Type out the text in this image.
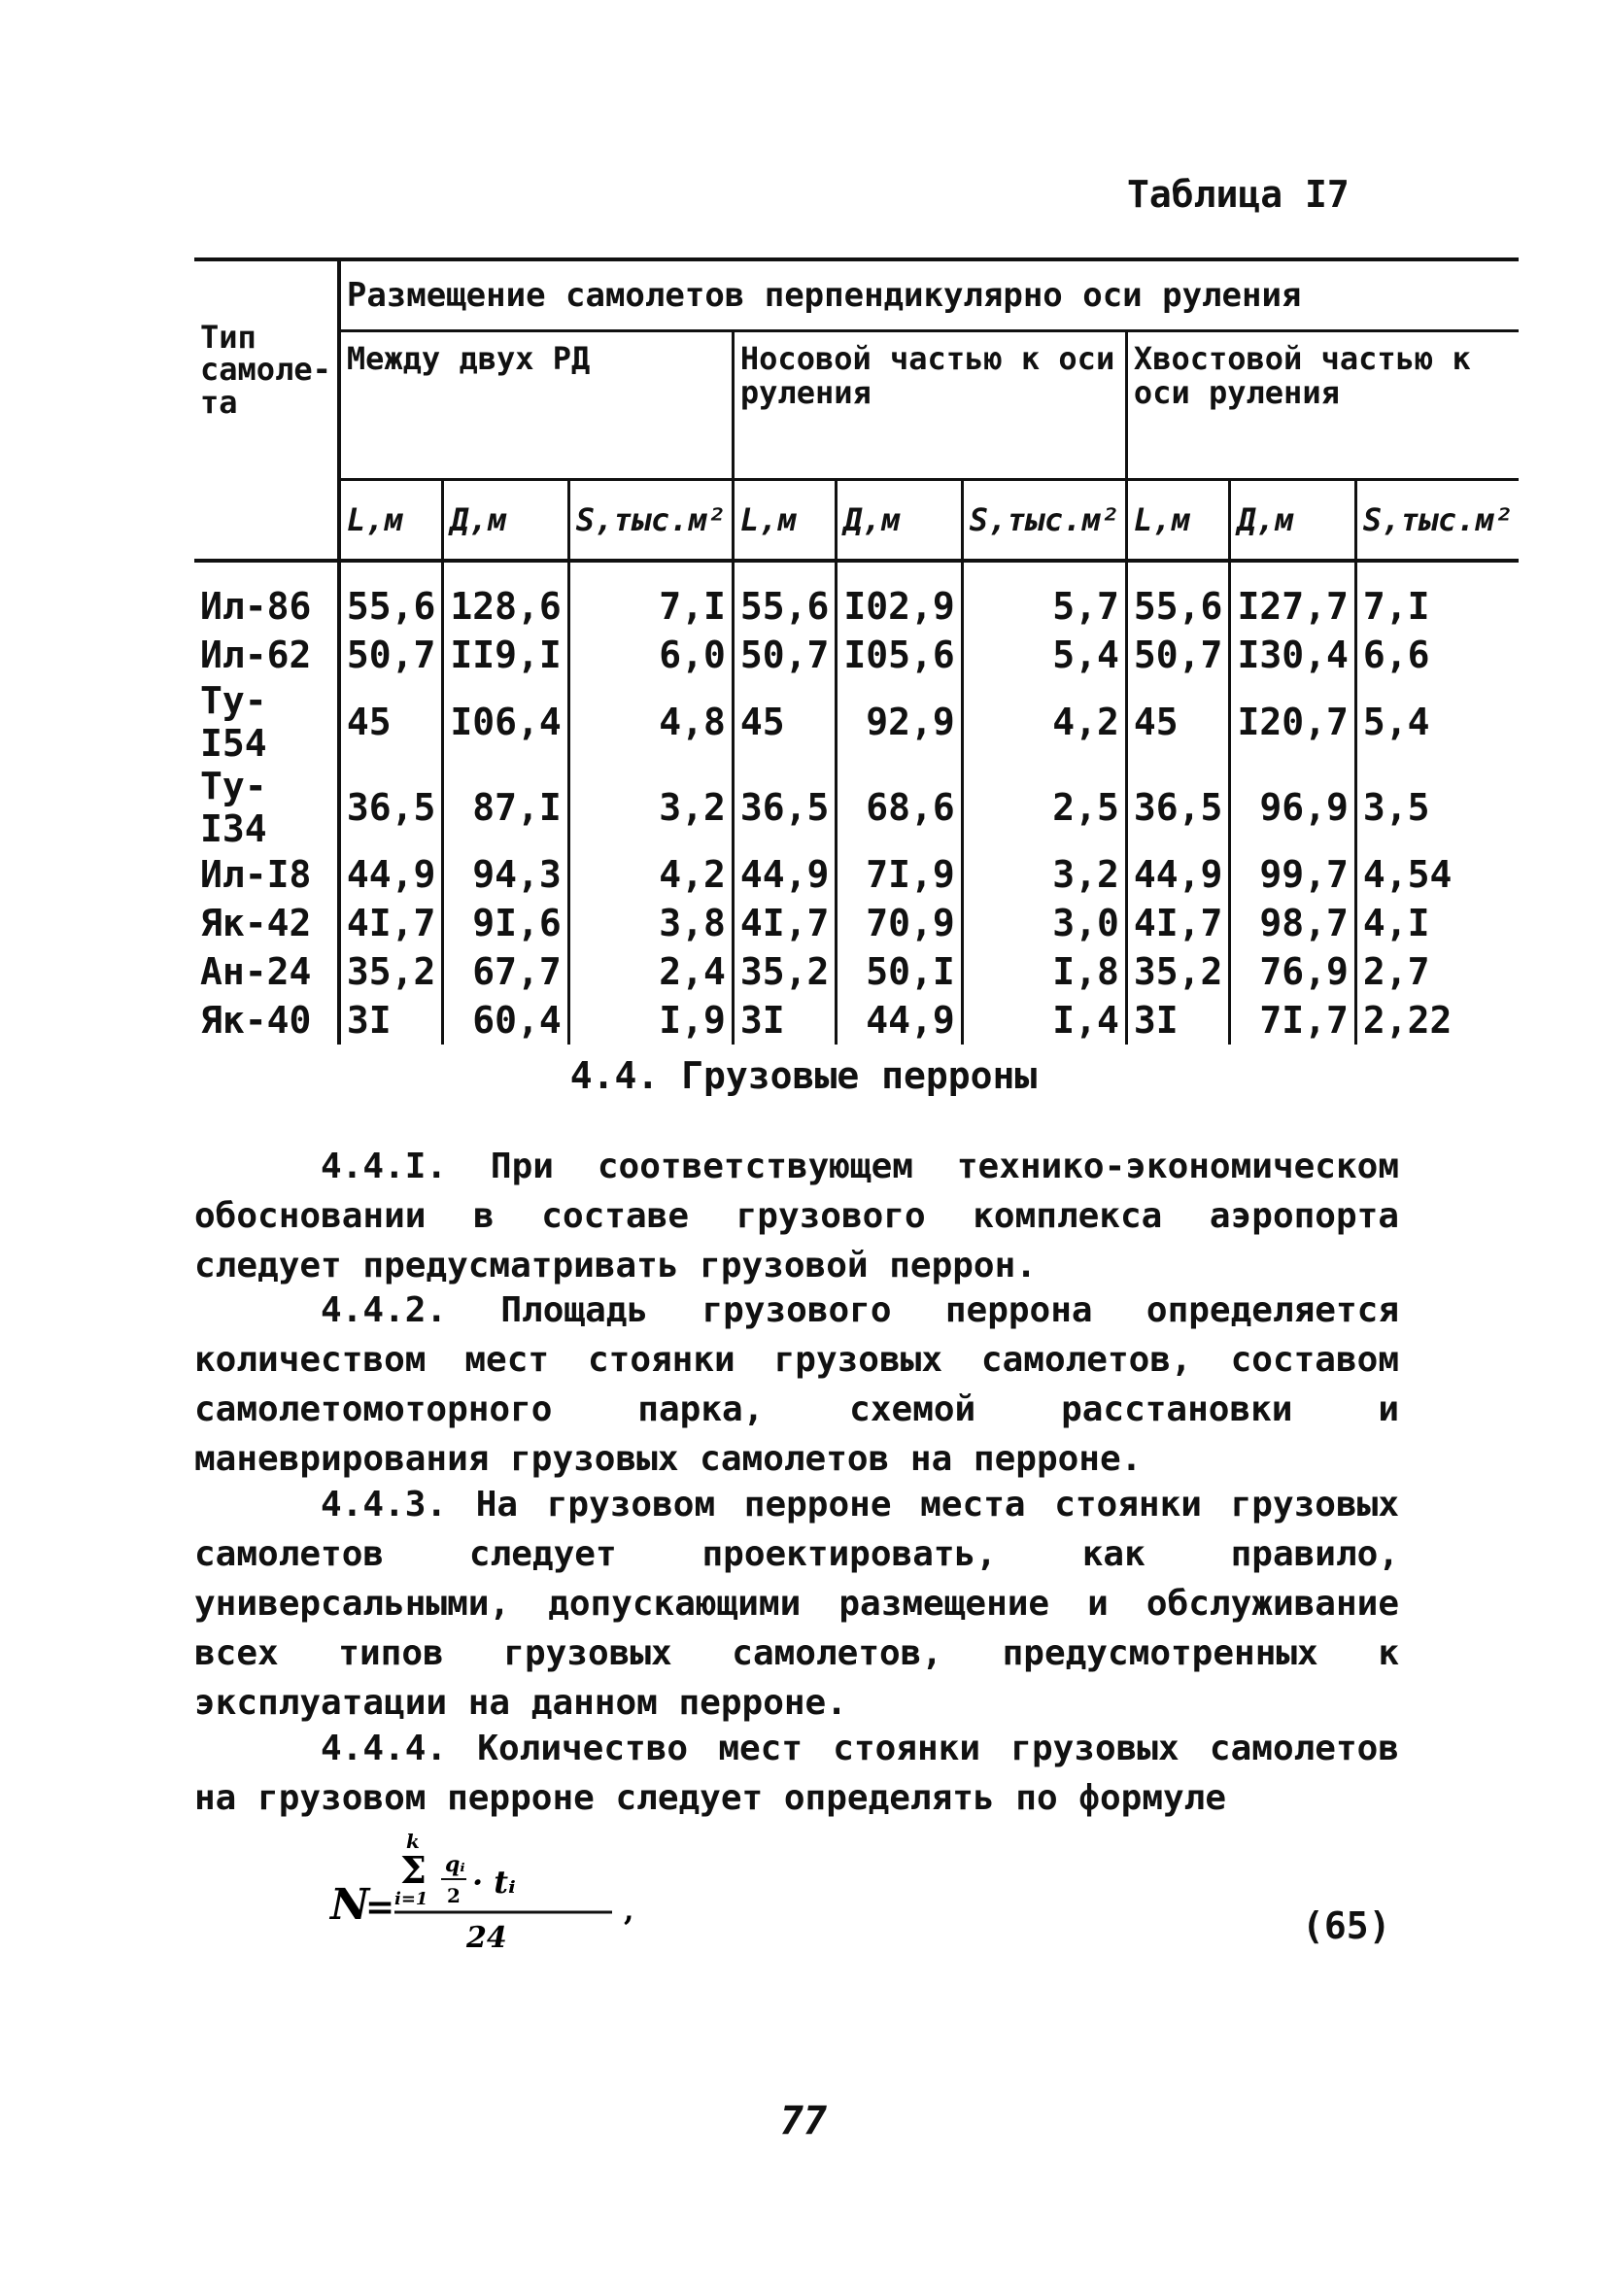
Таблица I7
Тип самоле-та	Размещение самолетов перпендикулярно оси руления								
	Между двух РД			Носовой частью к оси руления			Хвостовой частью к оси руления		
	L,м	Д,м	S,тыс.м²	L,м	Д,м	S,тыс.м²	L,м	Д,м	S,тыс.м²
Ил-86	55,6	128,6	7,I	55,6	I02,9	5,7	55,6	I27,7	7,I
Ил-62	50,7	II9,I	6,0	50,7	I05,6	5,4	50,7	I30,4	6,6
Ту-I54	45	I06,4	4,8	45	92,9	4,2	45	I20,7	5,4
Ту-I34	36,5	87,I	3,2	36,5	68,6	2,5	36,5	96,9	3,5
Ил-I8	44,9	94,3	4,2	44,9	7I,9	3,2	44,9	99,7	4,54
Як-42	4I,7	9I,6	3,8	4I,7	70,9	3,0	4I,7	98,7	4,I
Ан-24	35,2	67,7	2,4	35,2	50,I	I,8	35,2	76,9	2,7
Як-40	3I	60,4	I,9	3I	44,9	I,4	3I	7I,7	2,22
4.4. Грузовые перроны
4.4.I. При соответствующем технико-экономическом обосновании в составе грузового комплекса аэропорта следует предусматривать грузовой перрон.
4.4.2. Площадь грузового перрона определяется количеством мест стоянки грузовых самолетов, составом самолетомоторного парка, схемой расстановки и маневрирования грузовых самолетов на перроне.
4.4.3. На грузовом перроне места стоянки грузовых самолетов следует проектировать, как правило, универсальными, допускающими размещение и обслуживание всех типов грузовых самолетов, предусмотренных к эксплуатации на данном перроне.
4.4.4. Количество мест стоянки грузовых самолетов на грузовом перроне следует определять по формуле
N
=
k
Σ
i=1
qᵢ
2 · tᵢ
24
,	(65)
77
